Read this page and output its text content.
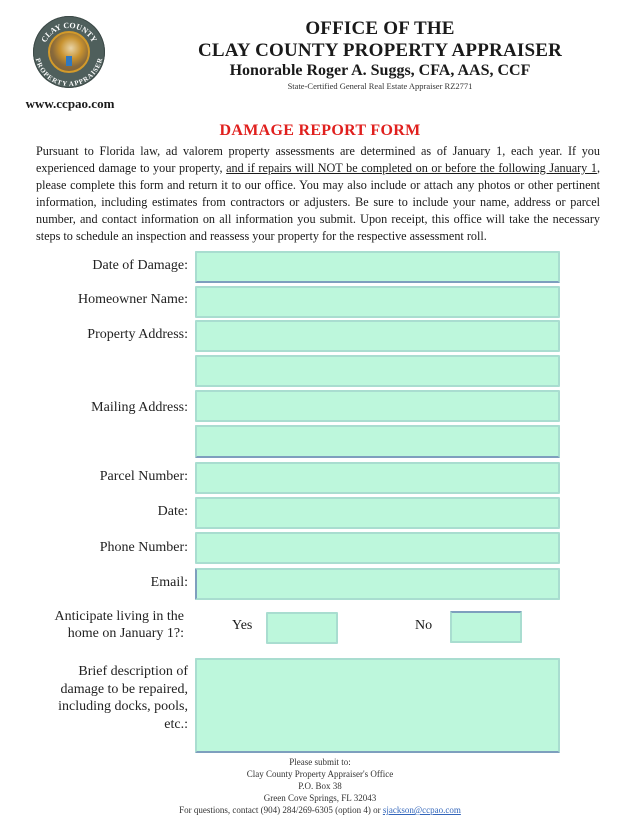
CLAY COUNTY
PROPERTY APPRAISER
www.ccpao.com
OFFICE OF THE
CLAY COUNTY PROPERTY APPRAISER
Honorable Roger A. Suggs, CFA, AAS, CCF
State-Certified General Real Estate Appraiser RZ2771
DAMAGE REPORT FORM
Pursuant to Florida law, ad valorem property assessments are determined as of January 1, each year. If you experienced damage to your property, and if repairs will NOT be completed on or before the following January 1, please complete this form and return it to our office. You may also include or attach any photos or other pertinent information, including estimates from contractors or adjusters. Be sure to include your name, address or parcel number, and contact information on all information you submit. Upon receipt, this office will take the necessary steps to schedule an inspection and reassess your property for the respective assessment roll.
Date of Damage:
Homeowner Name:
Property Address:
Mailing Address:
Parcel Number:
Date:
Phone Number:
Email:
Anticipate living in the
home on January 1?:
Yes	No
Brief description of
damage to be repaired,
including docks, pools,
etc.:
Please submit to:
Clay County Property Appraiser's Office
P.O. Box 38
Green Cove Springs, FL 32043
For questions, contact (904) 284/269-6305 (option 4) or sjackson@ccpao.com
